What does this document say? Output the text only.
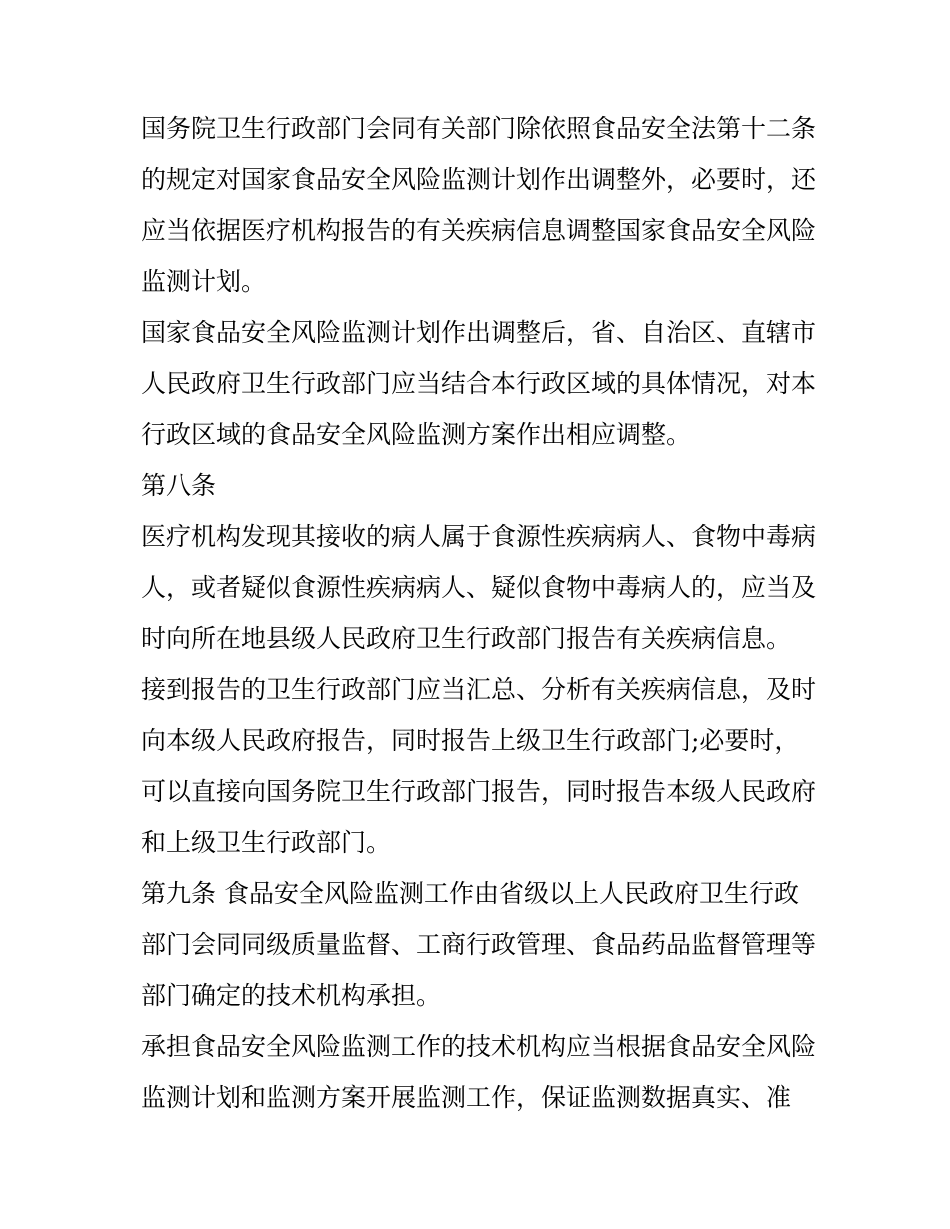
国务院卫生行政部门会同有关部门除依照食品安全法第十二条
的规定对国家食品安全风险监测计划作出调整外，必要时，还
应当依据医疗机构报告的有关疾病信息调整国家食品安全风险
监测计划。
国家食品安全风险监测计划作出调整后，省、自治区、直辖市
人民政府卫生行政部门应当结合本行政区域的具体情况，对本
行政区域的食品安全风险监测方案作出相应调整。
第八条
医疗机构发现其接收的病人属于食源性疾病病人、食物中毒病
人，或者疑似食源性疾病病人、疑似食物中毒病人的，应当及
时向所在地县级人民政府卫生行政部门报告有关疾病信息。
接到报告的卫生行政部门应当汇总、分析有关疾病信息，及时
向本级人民政府报告，同时报告上级卫生行政部门;必要时，
可以直接向国务院卫生行政部门报告，同时报告本级人民政府
和上级卫生行政部门。
第九条 食品安全风险监测工作由省级以上人民政府卫生行政
部门会同同级质量监督、工商行政管理、食品药品监督管理等
部门确定的技术机构承担。
承担食品安全风险监测工作的技术机构应当根据食品安全风险
监测计划和监测方案开展监测工作，保证监测数据真实、准
